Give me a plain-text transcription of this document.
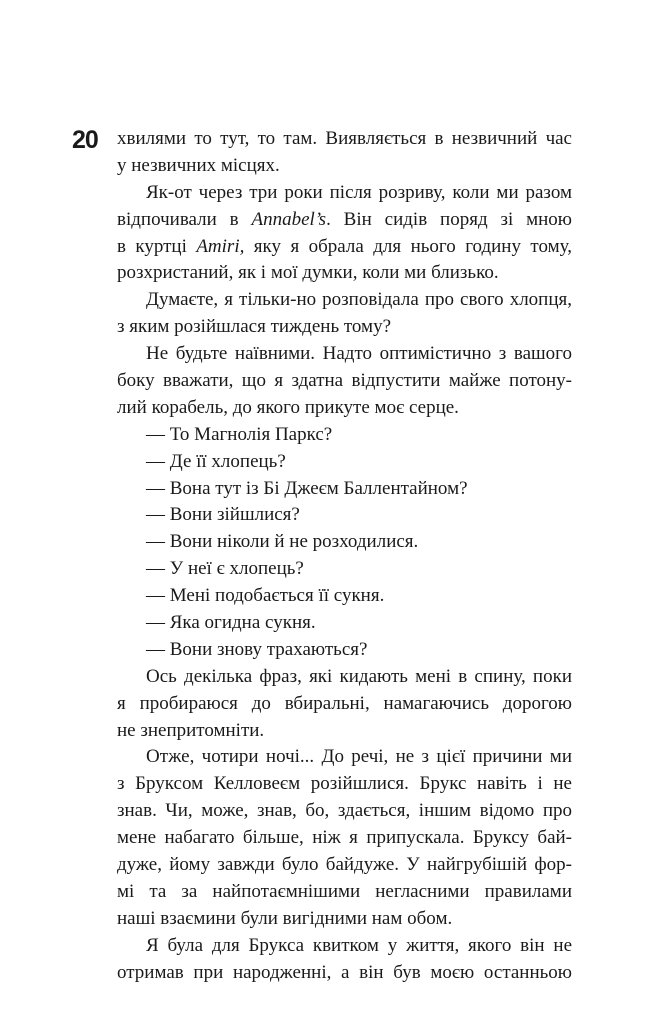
20 хвилями то тут, то там. Виявляється в незвичний час
у незвичних місцях.
Як-от через три роки після розриву, коли ми разом
відпочивали в Annabel’s. Він сидів поряд зі мною
в куртці Amiri, яку я обрала для нього годину тому,
розхристаний, як і мої думки, коли ми близько.
Думаєте, я тільки-но розповідала про свого хлопця,
з яким розійшлася тиждень тому?
Не будьте наївними. Надто оптимістично з вашого
боку вважати, що я здатна відпустити майже потону-
лий корабель, до якого прикуте моє серце.
— То Магнолія Паркс?
— Де її хлопець?
— Вона тут із Бі Джеєм Баллентайном?
— Вони зійшлися?
— Вони ніколи й не розходилися.
— У неї є хлопець?
— Мені подобається її сукня.
— Яка огидна сукня.
— Вони знову трахаються?
Ось декілька фраз, які кидають мені в спину, поки
я пробираюся до вбиральні, намагаючись дорогою
не знепритомніти.
Отже, чотири ночі... До речі, не з цієї причини ми
з Бруксом Келловеєм розійшлися. Брукс навіть і не
знав. Чи, може, знав, бо, здається, іншим відомо про
мене набагато більше, ніж я припускала. Бруксу бай-
дуже, йому завжди було байдуже. У найгрубішій фор-
мі та за найпотаємнішими негласними правилами
наші взаємини були вигідними нам обом.
Я була для Брукса квитком у життя, якого він не
отримав при народженні, а він був моєю останньою
